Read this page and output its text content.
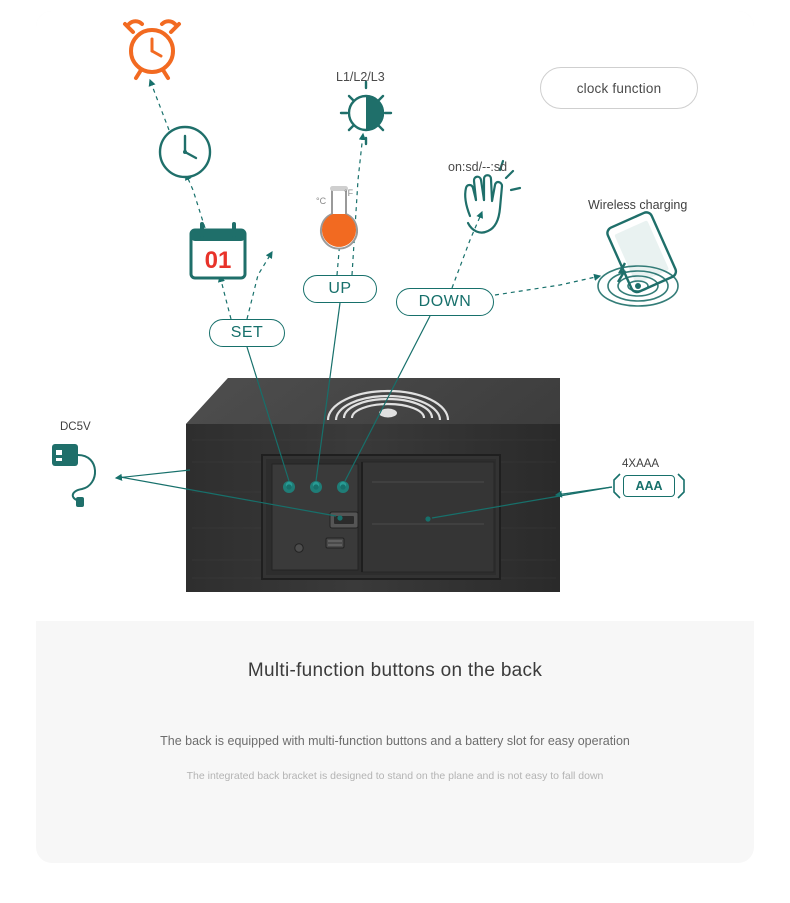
01
clock function
SET
UP
DOWN
L1/L2/L3
on:sd/--:sd
Wireless charging
DC5V
4XAAA
°C
°F
AAA
Multi-function buttons on the back
The back is equipped with multi-function buttons and a battery slot for easy operation
The integrated back bracket is designed to stand on the plane and is not easy to fall down
